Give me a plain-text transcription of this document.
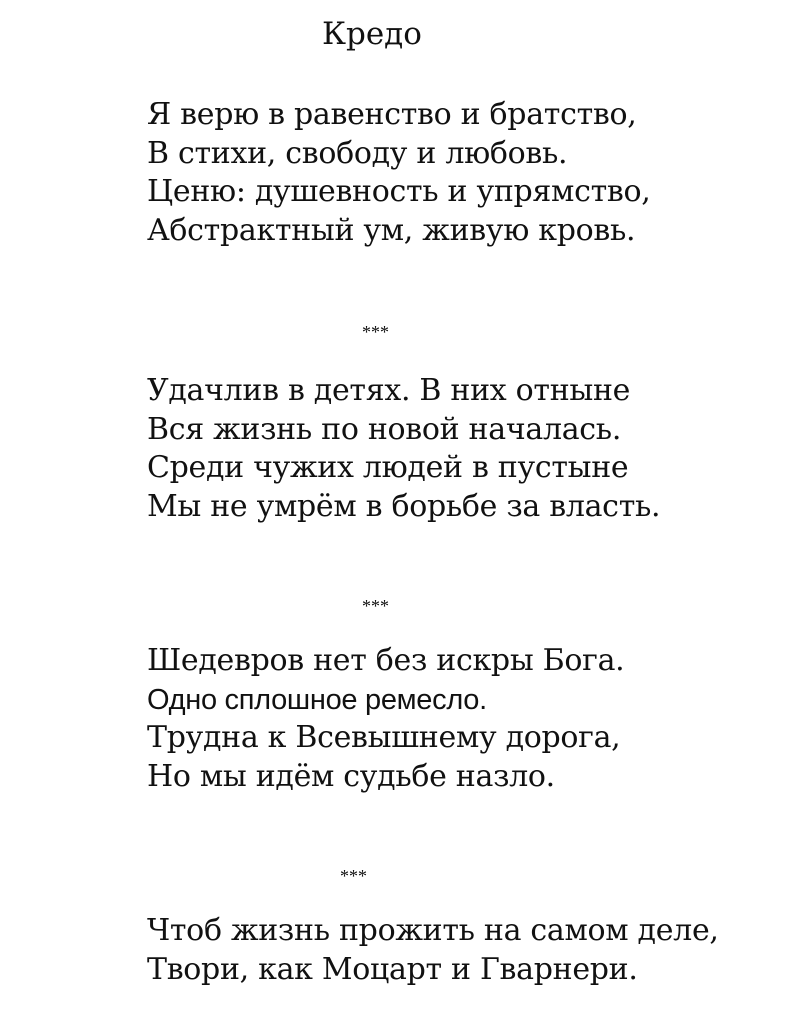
Кредо
Я верю в равенство и братство,
В стихи, свободу и любовь.
Ценю: душевность и упрямство,
Абстрактный ум, живую кровь.
***
Удачлив в детях. В них отныне
Вся жизнь по новой началась.
Среди чужих людей в пустыне
Мы не умрём в борьбе за власть.
***
Шедевров нет без искры Бога.
Одно сплошное ремесло.
Трудна к Всевышнему дорога,
Но мы идём судьбе назло.
***
Чтоб жизнь прожить на самом деле,
Твори, как Моцарт и Гварнери.
